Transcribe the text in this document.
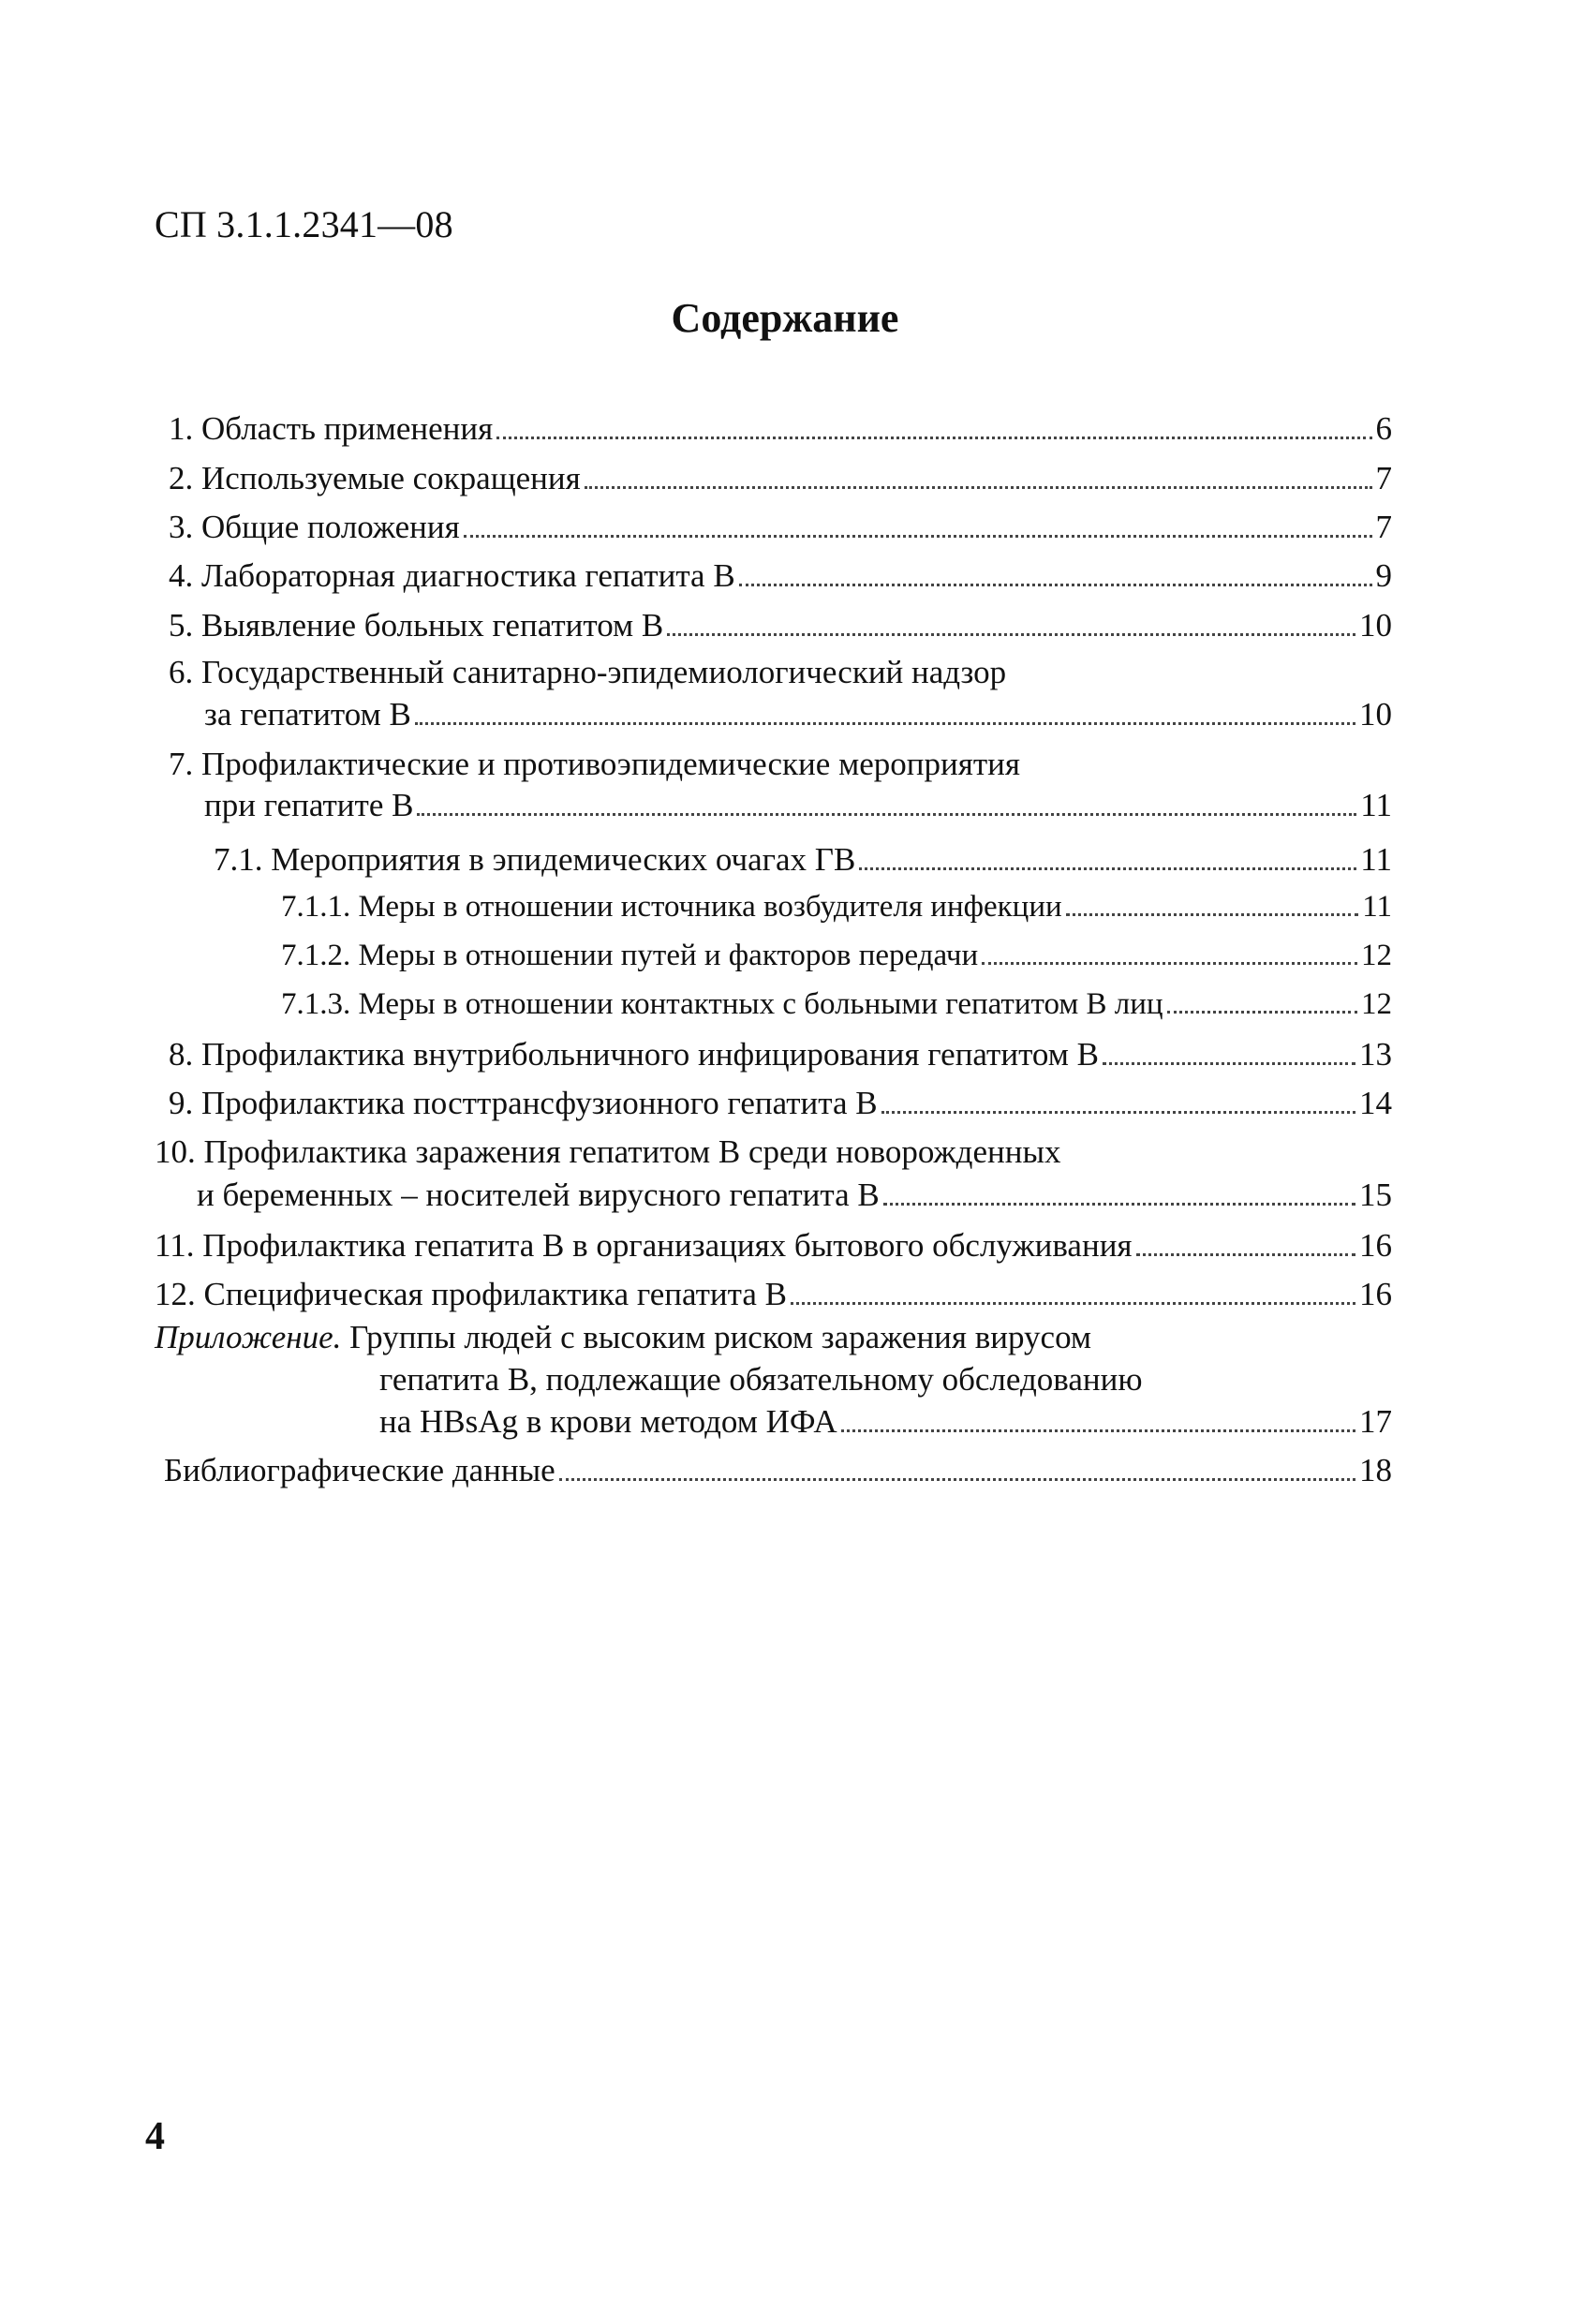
СП 3.1.1.2341—08
Содержание
1. Область применения	6
2. Используемые сокращения	7
3. Общие положения	7
4. Лабораторная диагностика гепатита В	9
5. Выявление больных гепатитом В	10
6. Государственный санитарно-эпидемиологический надзор
за гепатитом В	10
7. Профилактические и противоэпидемические мероприятия
при гепатите В	11
7.1. Мероприятия в эпидемических очагах ГВ	11
7.1.1. Меры в отношении источника возбудителя инфекции	11
7.1.2. Меры в отношении путей и факторов передачи	12
7.1.3. Меры в отношении контактных с больными гепатитом В лиц	12
8. Профилактика внутрибольничного инфицирования гепатитом В	13
9. Профилактика посттрансфузионного гепатита В	14
10. Профилактика заражения гепатитом В среди новорожденных
и беременных – носителей вирусного гепатита В	15
11. Профилактика гепатита В в организациях бытового обслуживания	16
12. Специфическая профилактика гепатита В	16
Приложение. Группы людей с высоким риском заражения вирусом
гепатита В, подлежащие обязательному обследованию
на HBsAg в крови методом ИФА	17
Библиографические данные	18
4
